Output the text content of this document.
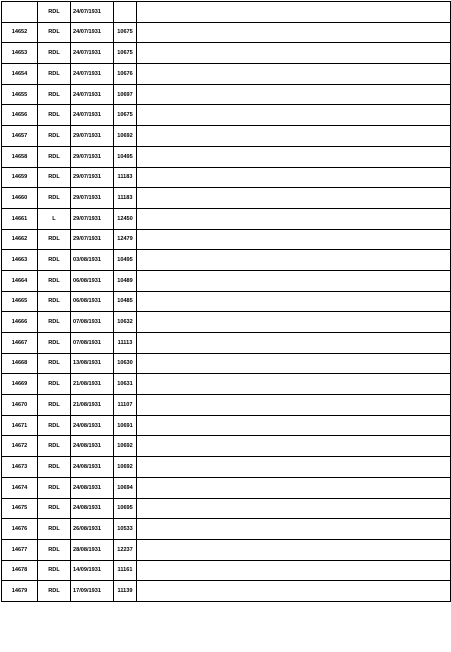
	RDL	24/07/1931		
14652	RDL	24/07/1931	10675	
14653	RDL	24/07/1931	10675	
14654	RDL	24/07/1931	10676	
14655	RDL	24/07/1931	10697	
14656	RDL	24/07/1931	10675	
14657	RDL	29/07/1931	10692	
14658	RDL	29/07/1931	10495	
14659	RDL	29/07/1931	11183	
14660	RDL	29/07/1931	11183	
14661	L	29/07/1931	12450	
14662	RDL	29/07/1931	12479	
14663	RDL	03/08/1931	10495	
14664	RDL	06/08/1931	10489	
14665	RDL	06/08/1931	10485	
14666	RDL	07/08/1931	10632	
14667	RDL	07/08/1931	11113	
14668	RDL	13/08/1931	10630	
14669	RDL	21/08/1931	10631	
14670	RDL	21/08/1931	11107	
14671	RDL	24/08/1931	10691	
14672	RDL	24/08/1931	10692	
14673	RDL	24/08/1931	10692	
14674	RDL	24/08/1931	10694	
14675	RDL	24/08/1931	10695	
14676	RDL	26/08/1931	10533	
14677	RDL	28/08/1931	12237	
14678	RDL	14/09/1931	11161	
14679	RDL	17/09/1931	11139	
